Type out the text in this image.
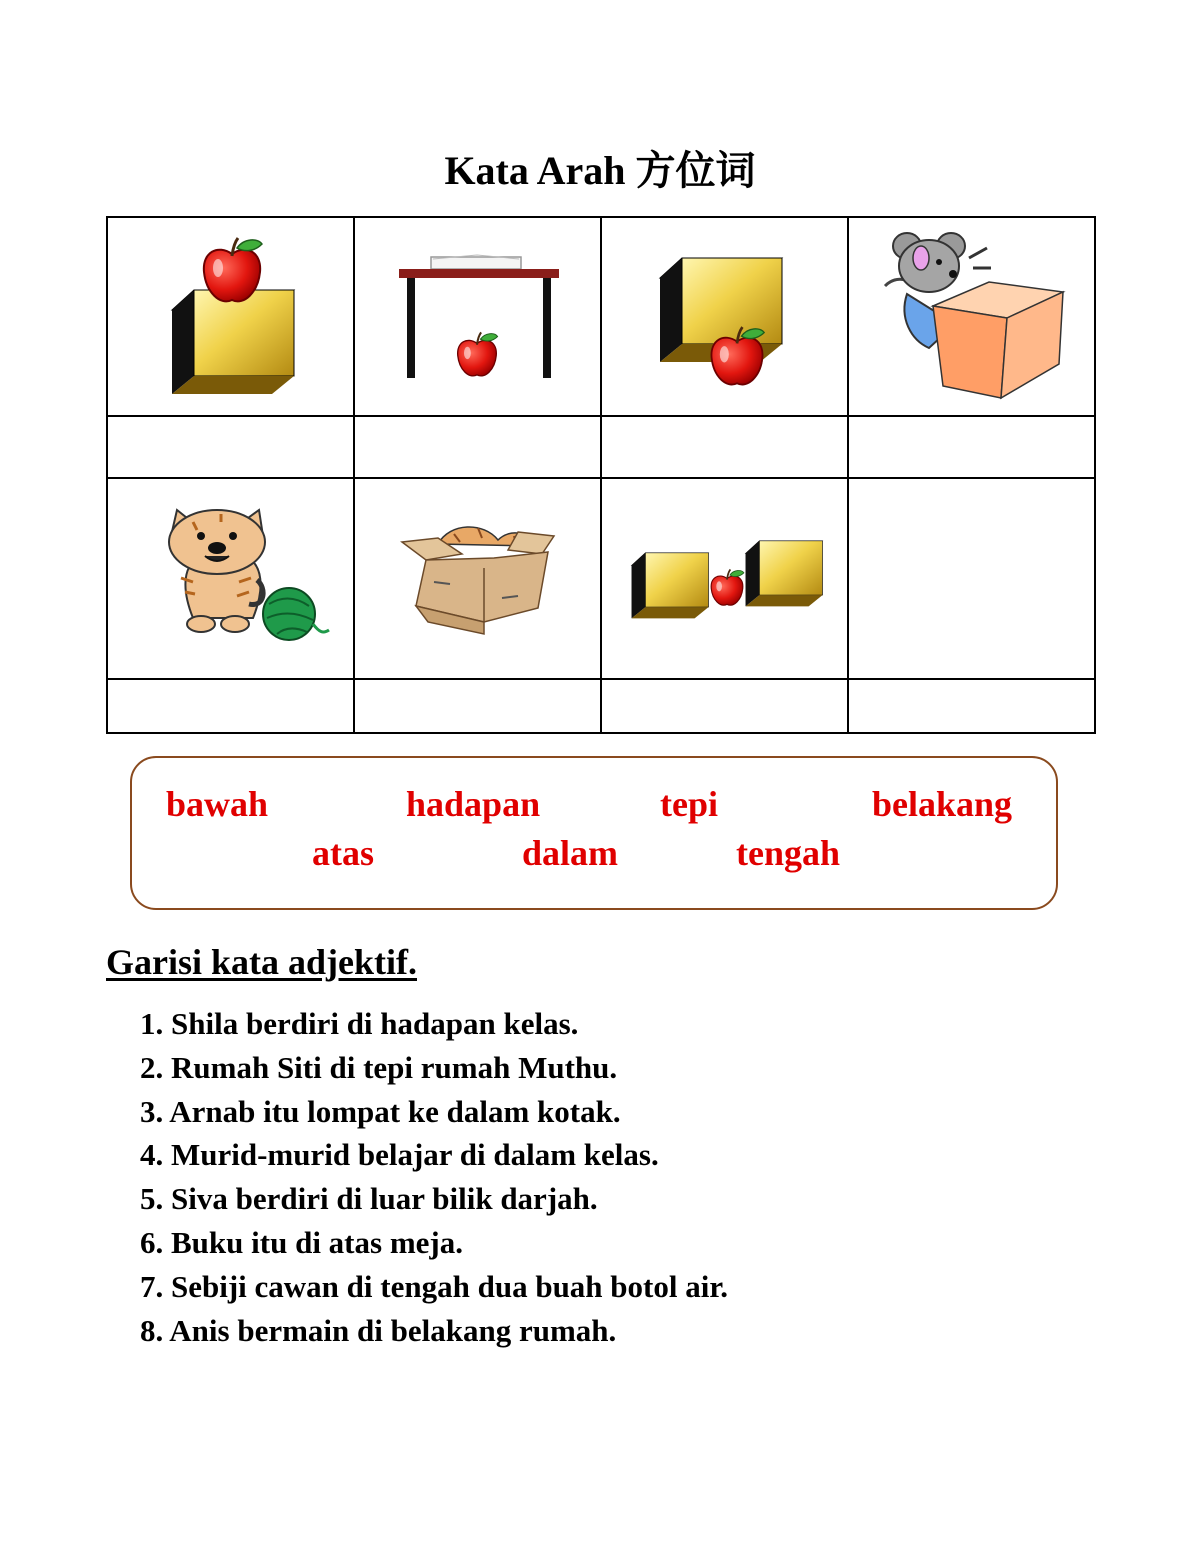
Kata Arah 方位词

bawah	hadapan	tepi	belakang
atas	dalam	tengah
Garisi kata adjektif.
1. Shila berdiri di hadapan kelas.
2. Rumah Siti di tepi rumah Muthu.
3. Arnab itu lompat ke dalam kotak.
4. Murid-murid belajar di dalam kelas.
5. Siva berdiri di luar bilik darjah.
6. Buku itu di atas meja.
7. Sebiji cawan di tengah dua buah botol air.
8. Anis bermain di belakang rumah.
